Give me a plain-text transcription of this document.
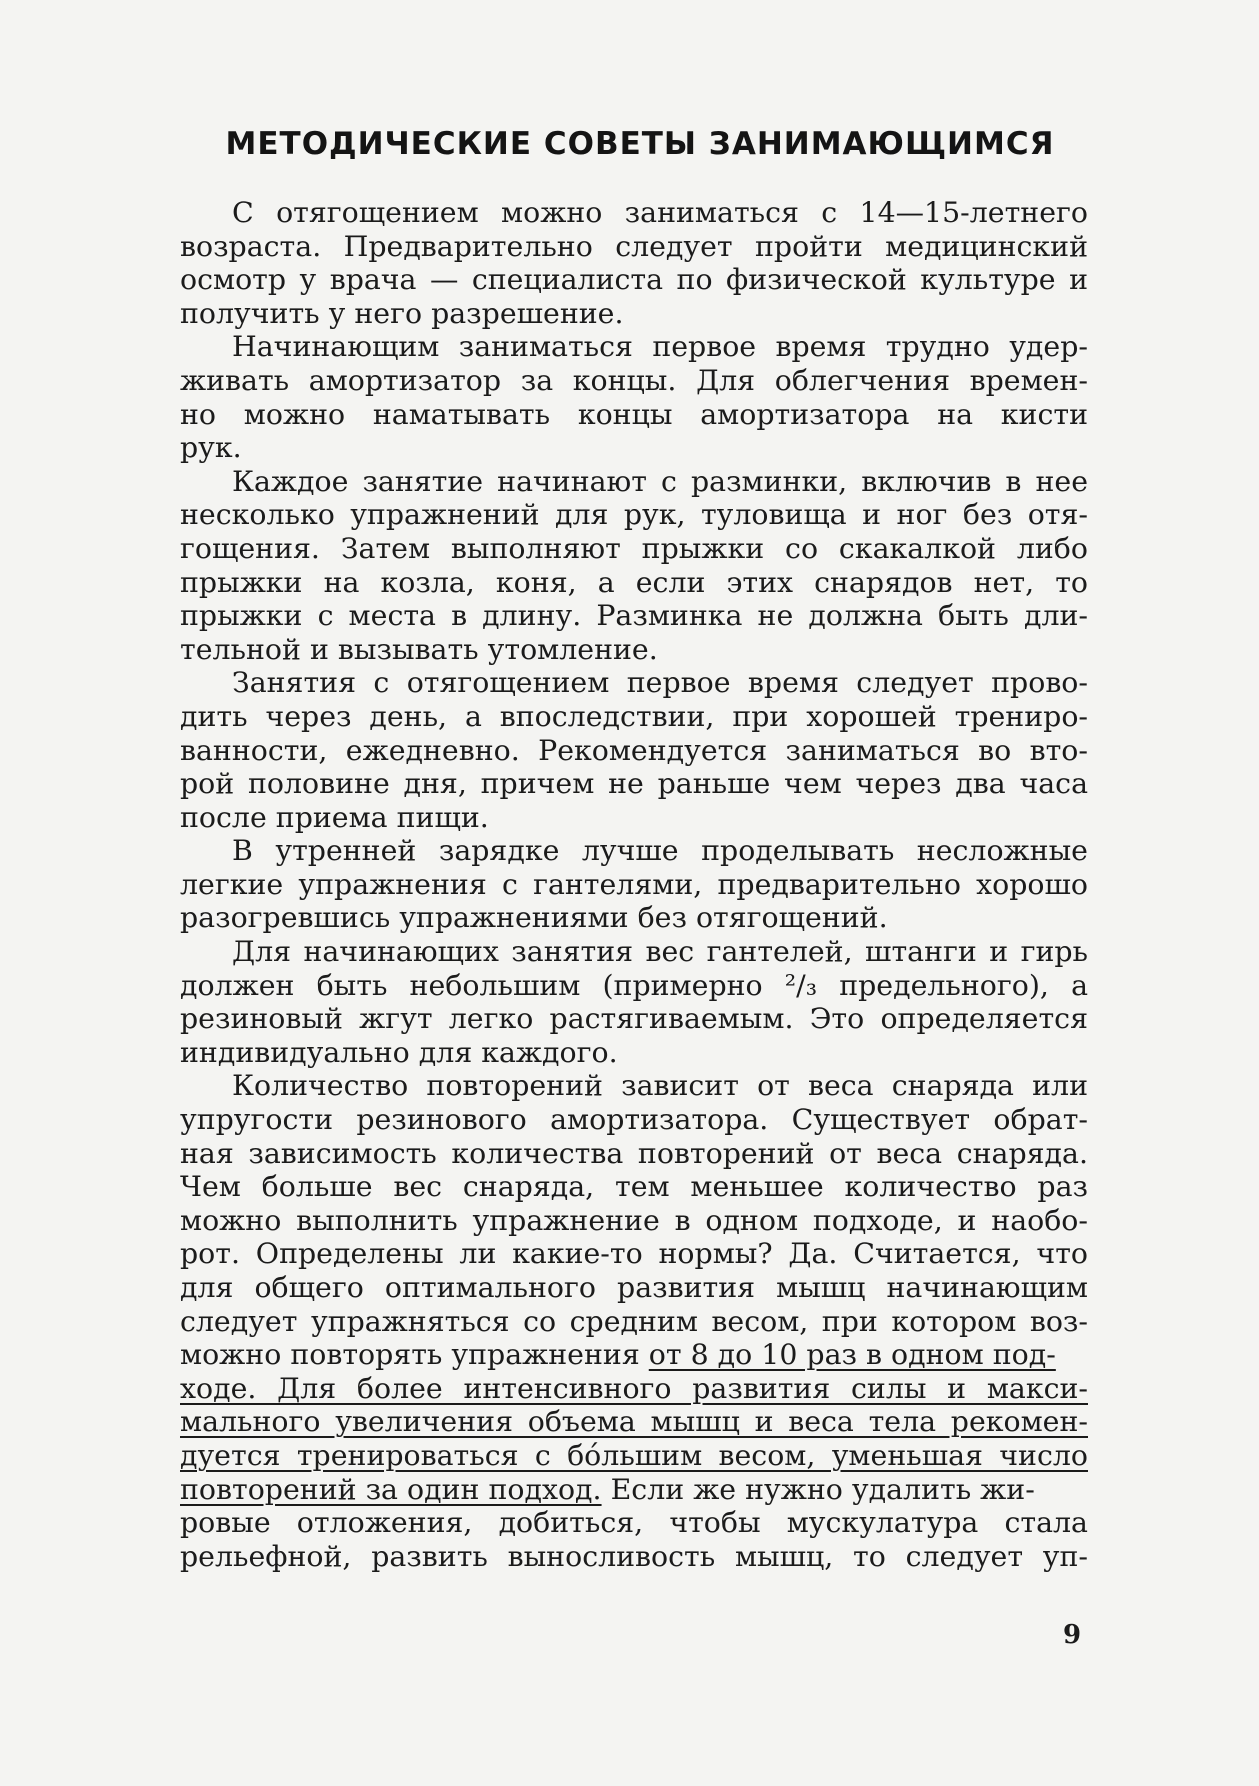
МЕТОДИЧЕСКИЕ СОВЕТЫ ЗАНИМАЮЩИМСЯ
С отягощением можно заниматься с 14—15-летнего
возраста. Предварительно следует пройти медицинский
осмотр у врача — специалиста по физической культуре и
получить у него разрешение.
Начинающим заниматься первое время трудно удер-
живать амортизатор за концы. Для облегчения времен-
но можно наматывать концы амортизатора на кисти
рук.
Каждое занятие начинают с разминки, включив в нее
несколько упражнений для рук, туловища и ног без отя-
гощения. Затем выполняют прыжки со скакалкой либо
прыжки на козла, коня, а если этих снарядов нет, то
прыжки с места в длину. Разминка не должна быть дли-
тельной и вызывать утомление.
Занятия с отягощением первое время следует прово-
дить через день, а впоследствии, при хорошей трениро-
ванности, ежедневно. Рекомендуется заниматься во вто-
рой половине дня, причем не раньше чем через два часа
после приема пищи.
В утренней зарядке лучше проделывать несложные
легкие упражнения с гантелями, предварительно хорошо
разогревшись упражнениями без отягощений.
Для начинающих занятия вес гантелей, штанги и гирь
должен быть небольшим (примерно ²/₃ предельного), а
резиновый жгут легко растягиваемым. Это определяется
индивидуально для каждого.
Количество повторений зависит от веса снаряда или
упругости резинового амортизатора. Существует обрат-
ная зависимость количества повторений от веса снаряда.
Чем больше вес снаряда, тем меньшее количество раз
можно выполнить упражнение в одном подходе, и наобо-
рот. Определены ли какие-то нормы? Да. Считается, что
для общего оптимального развития мышц начинающим
следует упражняться со средним весом, при котором воз-
можно повторять упражнения от 8 до 10 раз в одном под-
ходе. Для более интенсивного развития силы и макси-
мального увеличения объема мышц и веса тела рекомен-
дуется тренироваться с бо́льшим весом, уменьшая число
повторений за один подход. Если же нужно удалить жи-
ровые отложения, добиться, чтобы мускулатура стала
рельефной, развить выносливость мышц, то следует уп-
9
